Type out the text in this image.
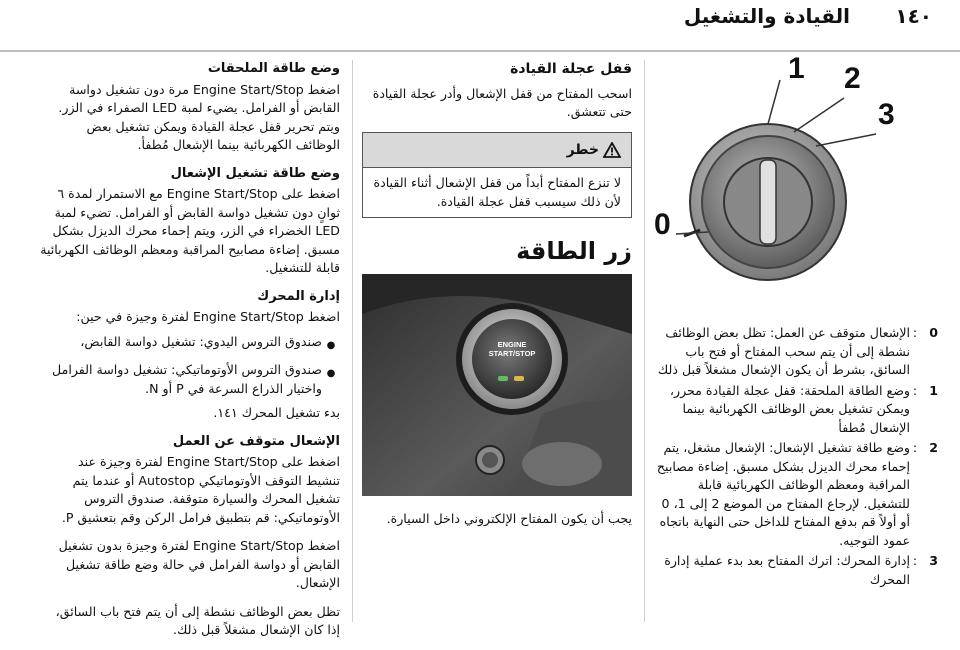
١٤٠
القيادة والتشغيل
1 2
3
0
0
:
الإشعال متوقف عن العمل: تظل بعض الوظائف نشطة إلى أن يتم سحب المفتاح أو فتح باب السائق، بشرط أن يكون الإشعال مشغلاً قبل ذلك
1
:
وضع الطاقة الملحقة: قفل عجلة القيادة محرر، ويمكن تشغيل بعض الوظائف الكهربائية بينما الإشعال مُطفأ
2
:
وضع طاقة تشغيل الإشعال: الإشعال مشغل، يتم إحماء محرك الديزل بشكل مسبق. إضاءة مصابيح المراقبة ومعظم الوظائف الكهربائية قابلة للتشغيل. لإرجاع المفتاح من الموضع 2 إلى 1، 0 أو أولاً قم بدفع المفتاح للداخل حتى النهاية باتجاه عمود التوجيه.
3
:
إدارة المحرك: اترك المفتاح بعد بدء عملية إدارة المحرك
قفل عجلة القيادة
اسحب المفتاح من قفل الإشعال وأدر عجلة القيادة حتى تتعشق.
خطر
لا تنزع المفتاح أبداً من قفل الإشعال أثناء القيادة لأن ذلك سيسبب قفل عجلة القيادة.
زر الطاقة
ENGINE START/STOP
يجب أن يكون المفتاح الإلكتروني داخل السيارة.
وضع طاقة الملحقات
اضغط Engine Start/Stop مرة دون تشغيل دواسة القابض أو الفرامل. يضيء لمبة LED الصفراء في الزر. ويتم تحرير قفل عجلة القيادة ويمكن تشغيل بعض الوظائف الكهربائية بينما الإشعال مُطفأ.
وضع طاقة تشغيل الإشعال
اضغط على Engine Start/Stop مع الاستمرار لمدة ٦ ثوانٍ دون تشغيل دواسة القابض أو الفرامل. تضيء لمبة LED الخضراء في الزر، ويتم إحماء محرك الديزل بشكل مسبق. إضاءة مصابيح المراقبة ومعظم الوظائف الكهربائية قابلة للتشغيل.
إدارة المحرك
اضغط Engine Start/Stop لفترة وجيزة في حين:
●
صندوق التروس اليدوي: تشغيل دواسة القابض،
●
صندوق التروس الأوتوماتيكي: تشغيل دواسة الفرامل واختيار الذراع السرعة في P أو N.
بدء تشغيل المحرك ١٤١.
الإشعال متوقف عن العمل
اضغط على Engine Start/Stop لفترة وجيزة عند تنشيط التوقف الأوتوماتيكي Autostop أو عندما يتم تشغيل المحرك والسيارة متوقفة. صندوق التروس الأوتوماتيكي: قم بتطبيق فرامل الركن وقم بتعشيق P.
اضغط Engine Start/Stop لفترة وجيزة بدون تشغيل القابض أو دواسة الفرامل في حالة وضع طاقة تشغيل الإشعال.
تظل بعض الوظائف نشطة إلى أن يتم فتح باب السائق، إذا كان الإشعال مشغلاً قبل ذلك.
